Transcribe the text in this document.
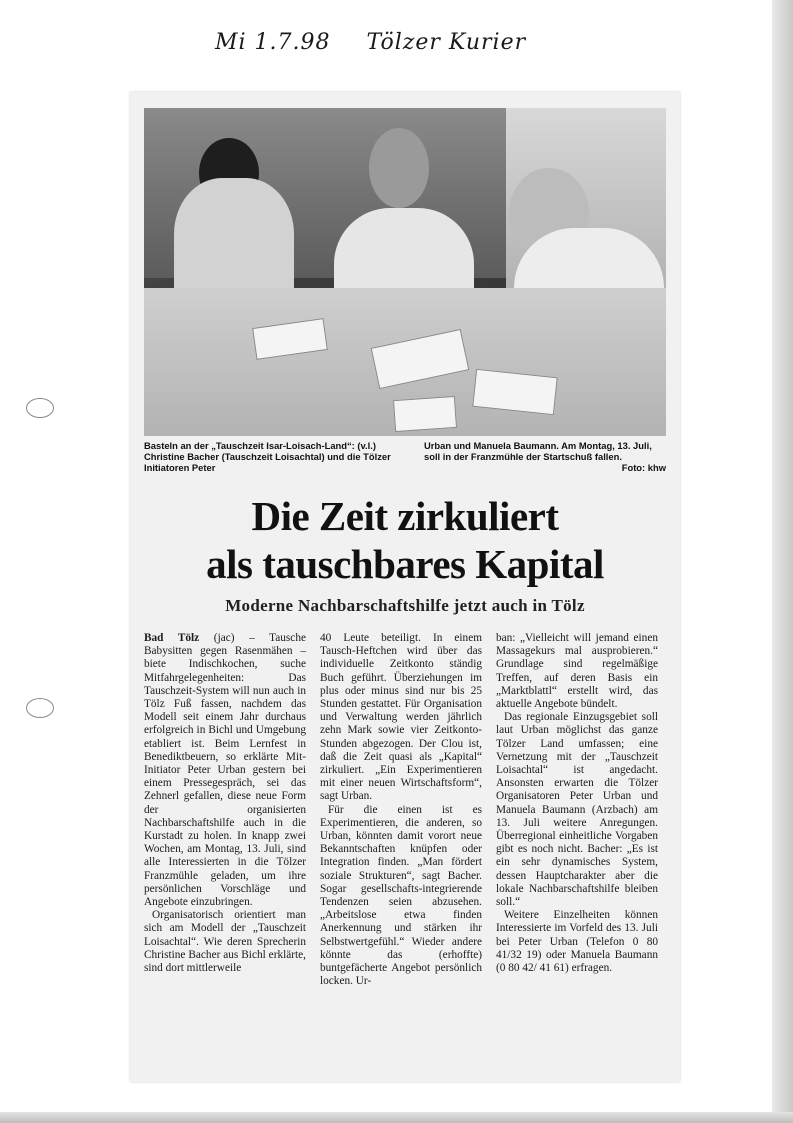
Mi 1.7.98 Tölzer Kurier
Basteln an der „Tauschzeit Isar-Loisach-Land“: (v.l.) Christine Bacher (Tauschzeit Loisachtal) und die Tölzer Initiatoren Peter
Urban und Manuela Baumann. Am Montag, 13. Juli, soll in der Franzmühle der Startschuß fallen.
Foto: khw
Die Zeit zirkuliert
als tauschbares Kapital
Moderne Nachbarschaftshilfe jetzt auch in Tölz

Bad Tölz (jac) – Tausche Babysitten gegen Rasenmähen – biete Indischkochen, suche Mitfahrgelegenheiten: Das Tauschzeit-System will nun auch in Tölz Fuß fassen, nachdem das Modell seit einem Jahr durchaus erfolgreich in Bichl und Umgebung etabliert ist. Beim Lernfest in Benediktbeuern, so erklärte Mit-Initiator Peter Urban gestern bei einem Pressegespräch, sei das Zehnerl gefallen, diese neue Form der organisierten Nachbarschaftshilfe auch in die Kurstadt zu holen. In knapp zwei Wochen, am Montag, 13. Juli, sind alle Interessierten in die Tölzer Franzmühle geladen, um ihre persönlichen Vorschläge und Angebote einzubringen.

Organisatorisch orientiert man sich am Modell der „Tauschzeit Loisachtal“. Wie deren Sprecherin Christine Bacher aus Bichl erklärte, sind dort mittlerweile

40 Leute beteiligt. In einem Tausch-Heftchen wird über das individuelle Zeitkonto ständig Buch geführt. Überziehungen im plus oder minus sind nur bis 25 Stunden gestattet. Für Organisation und Verwaltung werden jährlich zehn Mark sowie vier Zeitkonto-Stunden abgezogen. Der Clou ist, daß die Zeit quasi als „Kapital“ zirkuliert. „Ein Experimentieren mit einer neuen Wirtschaftsform“, sagt Urban.

Für die einen ist es Experimentieren, die anderen, so Urban, könnten damit vorort neue Bekanntschaften knüpfen oder Integration finden. „Man fördert soziale Strukturen“, sagt Bacher. Sogar gesellschafts-integrierende Tendenzen seien abzusehen. „Arbeitslose etwa finden Anerkennung und stärken ihr Selbstwertgefühl.“ Wieder andere könnte das (erhoffte) buntgefächerte Angebot persönlich locken. Ur-

ban: „Vielleicht will jemand einen Massagekurs mal ausprobieren.“ Grundlage sind regelmäßige Treffen, auf deren Basis ein „Marktblattl“ erstellt wird, das aktuelle Angebote bündelt.

Das regionale Einzugsgebiet soll laut Urban möglichst das ganze Tölzer Land umfassen; eine Vernetzung mit der „Tauschzeit Loisachtal“ ist angedacht. Ansonsten erwarten die Tölzer Organisatoren Peter Urban und Manuela Baumann (Arzbach) am 13. Juli weitere Anregungen. Überregional einheitliche Vorgaben gibt es noch nicht. Bacher: „Es ist ein sehr dynamisches System, dessen Hauptcharakter aber die lokale Nachbarschaftshilfe bleiben soll.“

Weitere Einzelheiten können Interessierte im Vorfeld des 13. Juli bei Peter Urban (Telefon 0 80 41/32 19) oder Manuela Baumann (0 80 42/ 41 61) erfragen.
